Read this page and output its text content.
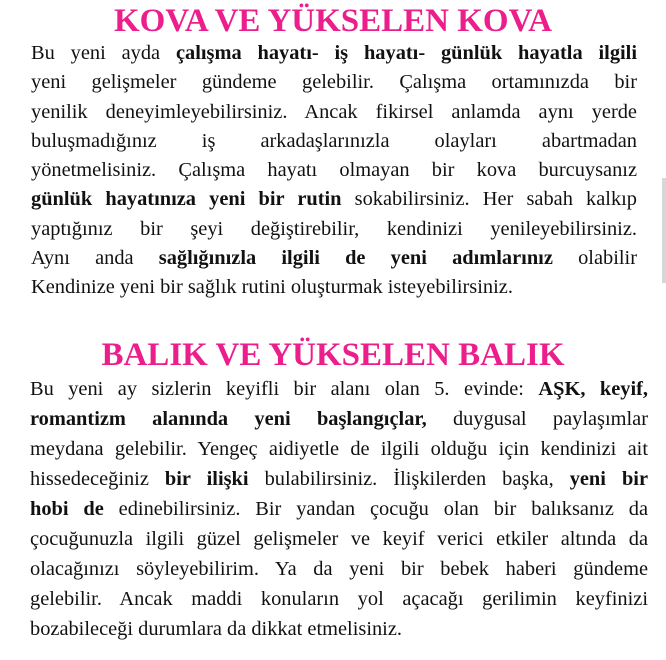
KOVA VE YÜKSELEN KOVA
Bu yeni ayda çalışma hayatı- iş hayatı- günlük hayatla ilgili
yeni gelişmeler gündeme gelebilir. Çalışma ortamınızda bir
yenilik deneyimleyebilirsiniz. Ancak fikirsel anlamda aynı yerde
buluşmadığınız iş arkadaşlarınızla olayları abartmadan
yönetmelisiniz. Çalışma hayatı olmayan bir kova burcuysanız
günlük hayatınıza yeni bir rutin sokabilirsiniz. Her sabah kalkıp
yaptığınız bir şeyi değiştirebilir, kendinizi yenileyebilirsiniz.
Aynı anda sağlığınızla ilgili de yeni adımlarınız olabilir
Kendinize yeni bir sağlık rutini oluşturmak isteyebilirsiniz.
BALIK VE YÜKSELEN BALIK
Bu yeni ay sizlerin keyifli bir alanı olan 5. evinde: AŞK, keyif,
romantizm alanında yeni başlangıçlar, duygusal paylaşımlar
meydana gelebilir. Yengeç aidiyetle de ilgili olduğu için kendinizi ait
hissedeceğiniz bir ilişki bulabilirsiniz. İlişkilerden başka, yeni bir
hobi de edinebilirsiniz. Bir yandan çocuğu olan bir balıksanız da
çocuğunuzla ilgili güzel gelişmeler ve keyif verici etkiler altında da
olacağınızı söyleyebilirim. Ya da yeni bir bebek haberi gündeme
gelebilir. Ancak maddi konuların yol açacağı gerilimin keyfinizi
bozabileceği durumlara da dikkat etmelisiniz.
